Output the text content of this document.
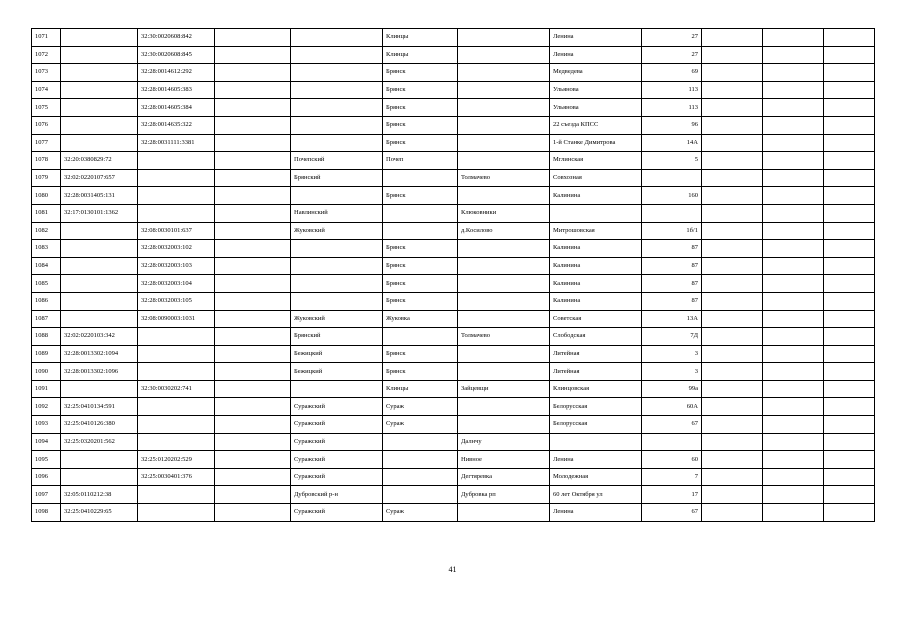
1071		32:30:0020608:842			Клинцы		Ленина	27			
1072		32:30:0020608:845			Клинцы		Ленина	27			
1073		32:28:0014612:292			Брянск		Медведева	69			
1074		32:28:0014605:383			Брянск		Ульянова	113			
1075		32:28:0014605:384			Брянск		Ульянова	113			
1076		32:28:0014635:322			Брянск		22 съезда КПСС	96			
1077		32:28:0031111:3381			Брянск		1-й Станке Димитрова	14А			
1078	32:20:0380829:72			Почепский	Почеп		Мглинская	5			
1079	32:02:0220107:657			Брянский		Толмачево	Совхозная				
1080	32:28:0031405:131				Брянск		Калинина	160			
1081	32:17:0130101:1362			Навлинский		Клюковники					
1082		32:08:0030101:637		Жуковский		д.Косилово	Митрошовская	1б/1			
1083		32:28:0032003:102			Брянск		Калинина	87			
1084		32:28:0032003:103			Брянск		Калинина	87			
1085		32:28:0032003:104			Брянск		Калинина	87			
1086		32:28:0032003:105			Брянск		Калинина	87			
1087		32:08:0090003:1031		Жуковский	Жуковка		Советская	13А			
1088	32:02:0220103:342			Брянский		Толмачево	Слободская	7Д			
1089	32:28:0013302:1094			Бежицкий	Брянск		Литейная	3			
1090	32:28:0013302:1096			Бежицкий	Брянск		Литейная	3			
1091		32:30:0030202:741			Клинцы	Зайцевщи	Клинцовская	99а			
1092	32:25:0410134:591			Суражский	Сураж		Белорусская	60А			
1093	32:25:0410126:380			Суражский	Сураж		Белорусская	67			
1094	32:25:0320201:562			Суражский		Далнчу					
1095		32:25:0120202:529		Суражский		Нивное	Ленина	60			
1096		32:25:0030401:376		Суражский		Дегтяревка	Молодежная	7			
1097	32:05:0110212:38			Дубровский р-н		Дубровка рп	60 лет Октября ул	17			
1098	32:25:0410229:65			Суражский	Сураж		Ленина	67			
41
